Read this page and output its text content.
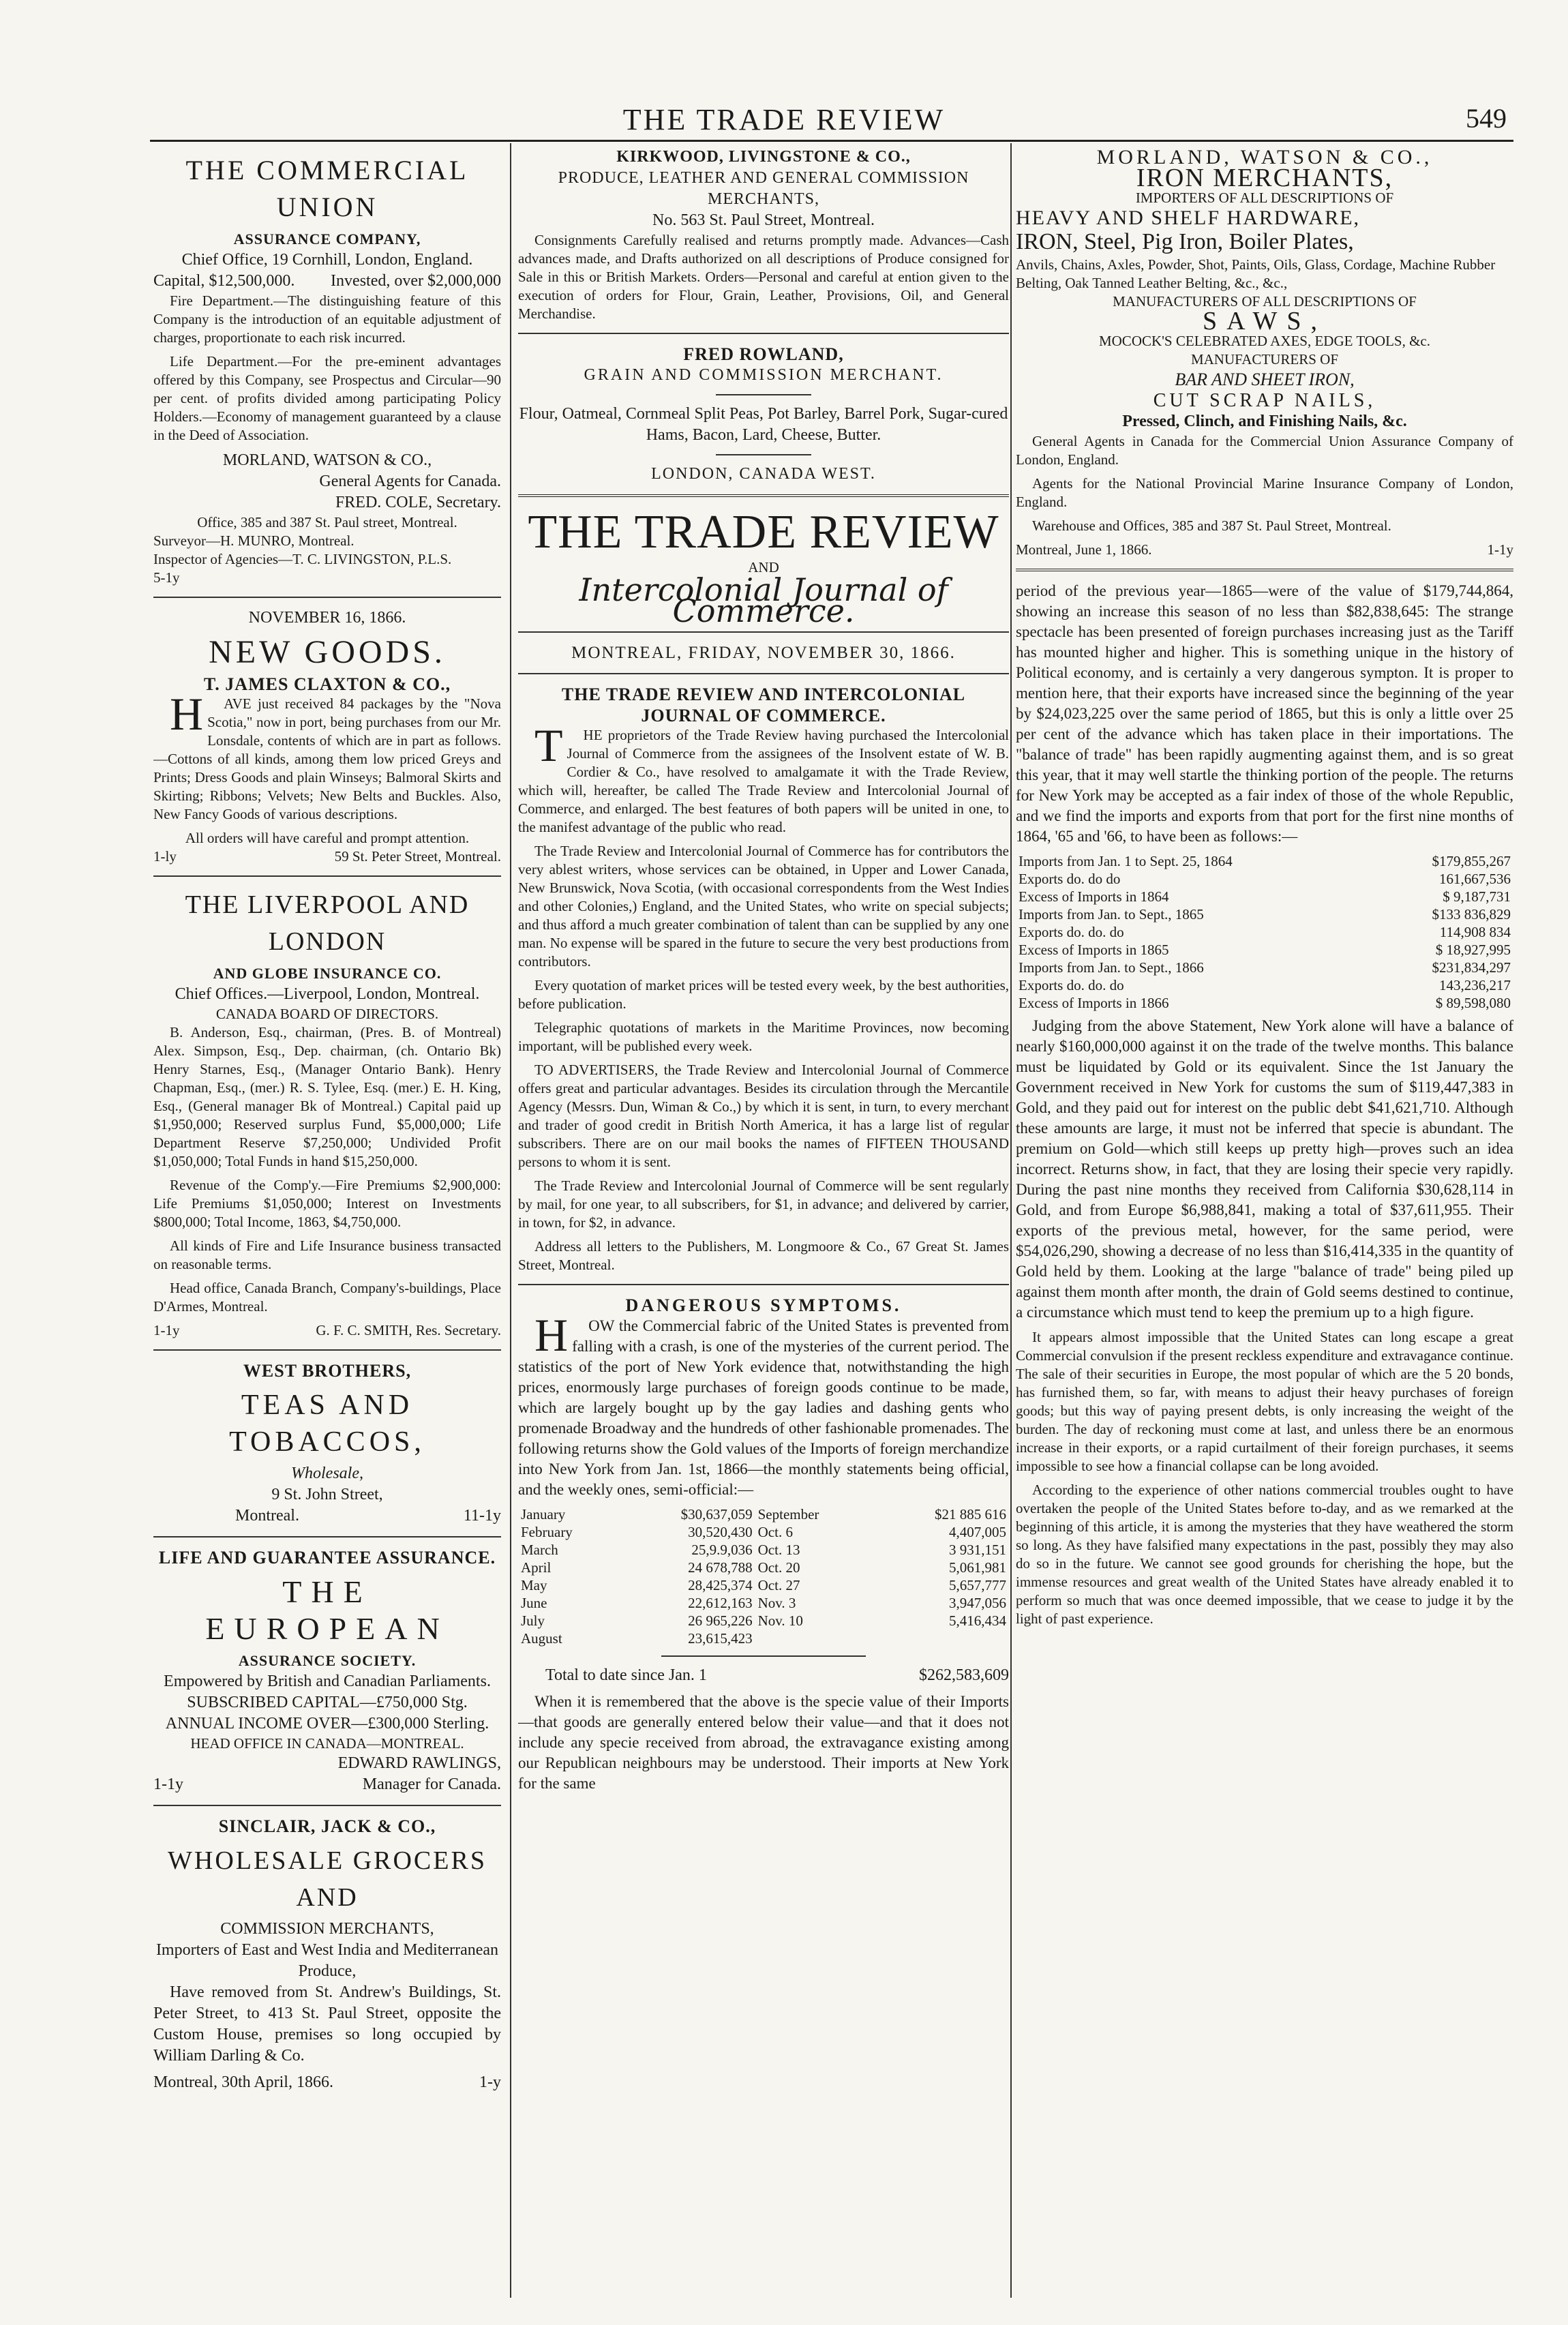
THE TRADE REVIEW	549
THE COMMERCIAL UNION
ASSURANCE COMPANY,
Chief Office, 19 Cornhill, London, England.
Capital, $12,500,000. Invested, over $2,000,000
Fire Department.—The distinguishing feature of this Company is the introduction of an equitable adjustment of charges, proportionate to each risk incurred.
Life Department.—For the pre-eminent advantages offered by this Company, see Prospectus and Circular—90 per cent. of profits divided among participating Policy Holders.—Economy of management guaranteed by a clause in the Deed of Association.
MORLAND, WATSON & CO.,
General Agents for Canada.
FRED. COLE, Secretary.
Office, 385 and 387 St. Paul street, Montreal.
Surveyor—H. MUNRO, Montreal.
Inspector of Agencies—T. C. LIVINGSTON, P.L.S.
5-1y
NOVEMBER 16, 1866.
NEW GOODS.
T. JAMES CLAXTON & CO.,
HAVE just received 84 packages by the "Nova Scotia," now in port, being purchases from our Mr. Lonsdale, contents of which are in part as follows.—Cottons of all kinds, among them low priced Greys and Prints; Dress Goods and plain Winseys; Balmoral Skirts and Skirting; Ribbons; Velvets; New Belts and Buckles. Also, New Fancy Goods of various descriptions.
All orders will have careful and prompt attention.
1-ly	59 St. Peter Street, Montreal.
THE LIVERPOOL AND LONDON
AND GLOBE INSURANCE CO.
Chief Offices.—Liverpool, London, Montreal.
CANADA BOARD OF DIRECTORS.
B. Anderson, Esq., chairman, (Pres. B. of Montreal) Alex. Simpson, Esq., Dep. chairman, (ch. Ontario Bk) Henry Starnes, Esq., (Manager Ontario Bank). Henry Chapman, Esq., (mer.) R. S. Tylee, Esq. (mer.) E. H. King, Esq., (General manager Bk of Montreal.) Capital paid up $1,950,000; Reserved surplus Fund, $5,000,000; Life Department Reserve $7,250,000; Undivided Profit $1,050,000; Total Funds in hand $15,250,000.
Revenue of the Comp'y.—Fire Premiums $2,900,000: Life Premiums $1,050,000; Interest on Investments $800,000; Total Income, 1863, $4,750,000.
All kinds of Fire and Life Insurance business transacted on reasonable terms.
Head office, Canada Branch, Company's-buildings, Place D'Armes, Montreal.
1-1y	G. F. C. SMITH, Res. Secretary.
WEST BROTHERS,
TEAS AND TOBACCOS,
Wholesale,
9 St. John Street,
Montreal.	11-1y
LIFE AND GUARANTEE ASSURANCE.
THE EUROPEAN
ASSURANCE SOCIETY.
Empowered by British and Canadian Parliaments.
SUBSCRIBED CAPITAL—£750,000 Stg.
ANNUAL INCOME OVER—£300,000 Sterling.
HEAD OFFICE IN CANADA—MONTREAL.
EDWARD RAWLINGS,
1-1y	Manager for Canada.
SINCLAIR, JACK & CO.,
WHOLESALE GROCERS AND
COMMISSION MERCHANTS,
Importers of East and West India and Mediterranean Produce,
Have removed from St. Andrew's Buildings, St. Peter Street, to 413 St. Paul Street, opposite the Custom House, premises so long occupied by William Darling & Co.
Montreal, 30th April, 1866.	1-y
KIRKWOOD, LIVINGSTONE & CO.,
PRODUCE, LEATHER AND GENERAL COMMISSION MERCHANTS,
No. 563 St. Paul Street, Montreal.
Consignments Carefully realised and returns promptly made. Advances—Cash advances made, and Drafts authorized on all descriptions of Produce consigned for Sale in this or British Markets. Orders—Personal and careful at ention given to the execution of orders for Flour, Grain, Leather, Provisions, Oil, and General Merchandise.
FRED ROWLAND,
GRAIN AND COMMISSION MERCHANT.
Flour, Oatmeal, Cornmeal Split Peas, Pot Barley, Barrel Pork, Sugar-cured Hams, Bacon, Lard, Cheese, Butter.
LONDON, CANADA WEST.
THE TRADE REVIEW
AND
Intercolonial Journal of Commerce.
MONTREAL, FRIDAY, NOVEMBER 30, 1866.
THE TRADE REVIEW AND INTERCOLONIAL JOURNAL OF COMMERCE.
THE proprietors of the Trade Review having purchased the Intercolonial Journal of Commerce from the assignees of the Insolvent estate of W. B. Cordier & Co., have resolved to amalgamate it with the Trade Review, which will, hereafter, be called The Trade Review and Intercolonial Journal of Commerce, and enlarged. The best features of both papers will be united in one, to the manifest advantage of the public who read.
The Trade Review and Intercolonial Journal of Commerce has for contributors the very ablest writers, whose services can be obtained, in Upper and Lower Canada, New Brunswick, Nova Scotia, (with occasional correspondents from the West Indies and other Colonies,) England, and the United States, who write on special subjects; and thus afford a much greater combination of talent than can be supplied by any one man. No expense will be spared in the future to secure the very best productions from contributors.
Every quotation of market prices will be tested every week, by the best authorities, before publication.
Telegraphic quotations of markets in the Maritime Provinces, now becoming important, will be published every week.
TO ADVERTISERS, the Trade Review and Intercolonial Journal of Commerce offers great and particular advantages. Besides its circulation through the Mercantile Agency (Messrs. Dun, Wiman & Co.,) by which it is sent, in turn, to every merchant and trader of good credit in British North America, it has a large list of regular subscribers. There are on our mail books the names of FIFTEEN THOUSAND persons to whom it is sent.
The Trade Review and Intercolonial Journal of Commerce will be sent regularly by mail, for one year, to all subscribers, for $1, in advance; and delivered by carrier, in town, for $2, in advance.
Address all letters to the Publishers, M. Longmoore & Co., 67 Great St. James Street, Montreal.
DANGEROUS SYMPTOMS.
HOW the Commercial fabric of the United States is prevented from falling with a crash, is one of the mysteries of the current period. The statistics of the port of New York evidence that, notwithstanding the high prices, enormously large purchases of foreign goods continue to be made, which are largely bought up by the gay ladies and dashing gents who promenade Broadway and the hundreds of other fashionable promenades. The following returns show the Gold values of the Imports of foreign merchandize into New York from Jan. 1st, 1866—the monthly statements being official, and the weekly ones, semi-official:—
January	$30,637,059	September	$21 885 616
February	30,520,430	Oct. 6	4,407,005
March	25,9.9,036	Oct. 13	3 931,151
April	24 678,788	Oct. 20	5,061,981
May	28,425,374	Oct. 27	5,657,777
June	22,612,163	Nov. 3	3,947,056
July	26 965,226	Nov. 10	5,416,434
August	23,615,423		
Total to date since Jan. 1	$262,583,609
When it is remembered that the above is the specie value of their Imports—that goods are generally entered below their value—and that it does not include any specie received from abroad, the extravagance existing among our Republican neighbours may be understood. Their imports at New York for the same
MORLAND, WATSON & CO.,
IRON MERCHANTS,
IMPORTERS OF ALL DESCRIPTIONS OF
HEAVY AND SHELF HARDWARE,
IRON, Steel, Pig Iron, Boiler Plates,
Anvils, Chains, Axles, Powder, Shot, Paints, Oils, Glass, Cordage, Machine Rubber Belting, Oak Tanned Leather Belting, &c., &c.,
MANUFACTURERS OF ALL DESCRIPTIONS OF
SAWS,
MOCOCK'S CELEBRATED AXES, EDGE TOOLS, &c.
MANUFACTURERS OF
BAR AND SHEET IRON,
CUT SCRAP NAILS,
Pressed, Clinch, and Finishing Nails, &c.
General Agents in Canada for the Commercial Union Assurance Company of London, England.
Agents for the National Provincial Marine Insurance Company of London, England.
Warehouse and Offices, 385 and 387 St. Paul Street, Montreal.
Montreal, June 1, 1866.	1-1y
period of the previous year—1865—were of the value of $179,744,864, showing an increase this season of no less than $82,838,645: The strange spectacle has been presented of foreign purchases increasing just as the Tariff has mounted higher and higher. This is something unique in the history of Political economy, and is certainly a very dangerous sympton. It is proper to mention here, that their exports have increased since the beginning of the year by $24,023,225 over the same period of 1865, but this is only a little over 25 per cent of the advance which has taken place in their importations. The "balance of trade" has been rapidly augmenting against them, and is so great this year, that it may well startle the thinking portion of the people. The returns for New York may be accepted as a fair index of those of the whole Republic, and we find the imports and exports from that port for the first nine months of 1864, '65 and '66, to have been as follows:—
Imports from Jan. 1 to Sept. 25, 1864	$179,855,267
Exports do. do do	161,667,536
Excess of Imports in 1864	$ 9,187,731
Imports from Jan. to Sept., 1865	$133 836,829
Exports do. do. do	114,908 834
Excess of Imports in 1865	$ 18,927,995
Imports from Jan. to Sept., 1866	$231,834,297
Exports do. do. do	143,236,217
Excess of Imports in 1866	$ 89,598,080
Judging from the above Statement, New York alone will have a balance of nearly $160,000,000 against it on the trade of the twelve months. This balance must be liquidated by Gold or its equivalent. Since the 1st January the Government received in New York for customs the sum of $119,447,383 in Gold, and they paid out for interest on the public debt $41,621,710. Although these amounts are large, it must not be inferred that specie is abundant. The premium on Gold—which still keeps up pretty high—proves such an idea incorrect. Returns show, in fact, that they are losing their specie very rapidly. During the past nine months they received from California $30,628,114 in Gold, and from Europe $6,988,841, making a total of $37,611,955. Their exports of the previous metal, however, for the same period, were $54,026,290, showing a decrease of no less than $16,414,335 in the quantity of Gold held by them. Looking at the large "balance of trade" being piled up against them month after month, the drain of Gold seems destined to continue, a circumstance which must tend to keep the premium up to a high figure.
It appears almost impossible that the United States can long escape a great Commercial convulsion if the present reckless expenditure and extravagance continue. The sale of their securities in Europe, the most popular of which are the 5 20 bonds, has furnished them, so far, with means to adjust their heavy purchases of foreign goods; but this way of paying present debts, is only increasing the weight of the burden. The day of reckoning must come at last, and unless there be an enormous increase in their exports, or a rapid curtailment of their foreign purchases, it seems impossible to see how a financial collapse can be long avoided.
According to the experience of other nations commercial troubles ought to have overtaken the people of the United States before to-day, and as we remarked at the beginning of this article, it is among the mysteries that they have weathered the storm so long. As they have falsified many expectations in the past, possibly they may also do so in the future. We cannot see good grounds for cherishing the hope, but the immense resources and great wealth of the United States have already enabled it to perform so much that was once deemed impossible, that we cease to judge it by the light of past experience.
